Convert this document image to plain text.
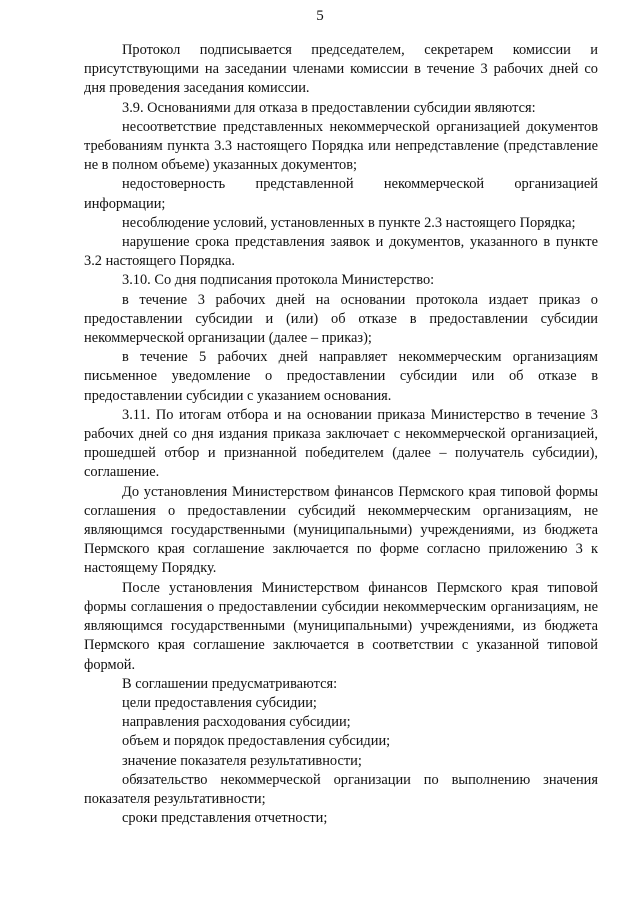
5

Протокол подписывается председателем, секретарем комиссии и присутствующими на заседании членами комиссии в течение 3 рабочих дней со дня проведения заседания комиссии.

3.9. Основаниями для отказа в предоставлении субсидии являются:

несоответствие представленных некоммерческой организацией документов требованиям пункта 3.3 настоящего Порядка или непредставление (представление не в полном объеме) указанных документов;

недостоверность представленной некоммерческой организацией информации;

несоблюдение условий, установленных в пункте 2.3 настоящего Порядка;

нарушение срока представления заявок и документов, указанного в пункте 3.2 настоящего Порядка.

3.10. Со дня подписания протокола Министерство:

в течение 3 рабочих дней на основании протокола издает приказ о предоставлении субсидии и (или) об отказе в предоставлении субсидии некоммерческой организации (далее – приказ);

в течение 5 рабочих дней направляет некоммерческим организациям письменное уведомление о предоставлении субсидии или об отказе в предоставлении субсидии с указанием основания.

3.11. По итогам отбора и на основании приказа Министерство в течение 3 рабочих дней со дня издания приказа заключает с некоммерческой организацией, прошедшей отбор и признанной победителем (далее – получатель субсидии), соглашение.

До установления Министерством финансов Пермского края типовой формы соглашения о предоставлении субсидий некоммерческим организациям, не являющимся государственными (муниципальными) учреждениями, из бюджета Пермского края соглашение заключается по форме согласно приложению 3 к настоящему Порядку.

После установления Министерством финансов Пермского края типовой формы соглашения о предоставлении субсидии некоммерческим организациям, не являющимся государственными (муниципальными) учреждениями, из бюджета Пермского края соглашение заключается в соответствии с указанной типовой формой.

В соглашении предусматриваются:

цели предоставления субсидии;

направления расходования субсидии;

объем и порядок предоставления субсидии;

значение показателя результативности;

обязательство некоммерческой организации по выполнению значения показателя результативности;

сроки представления отчетности;
